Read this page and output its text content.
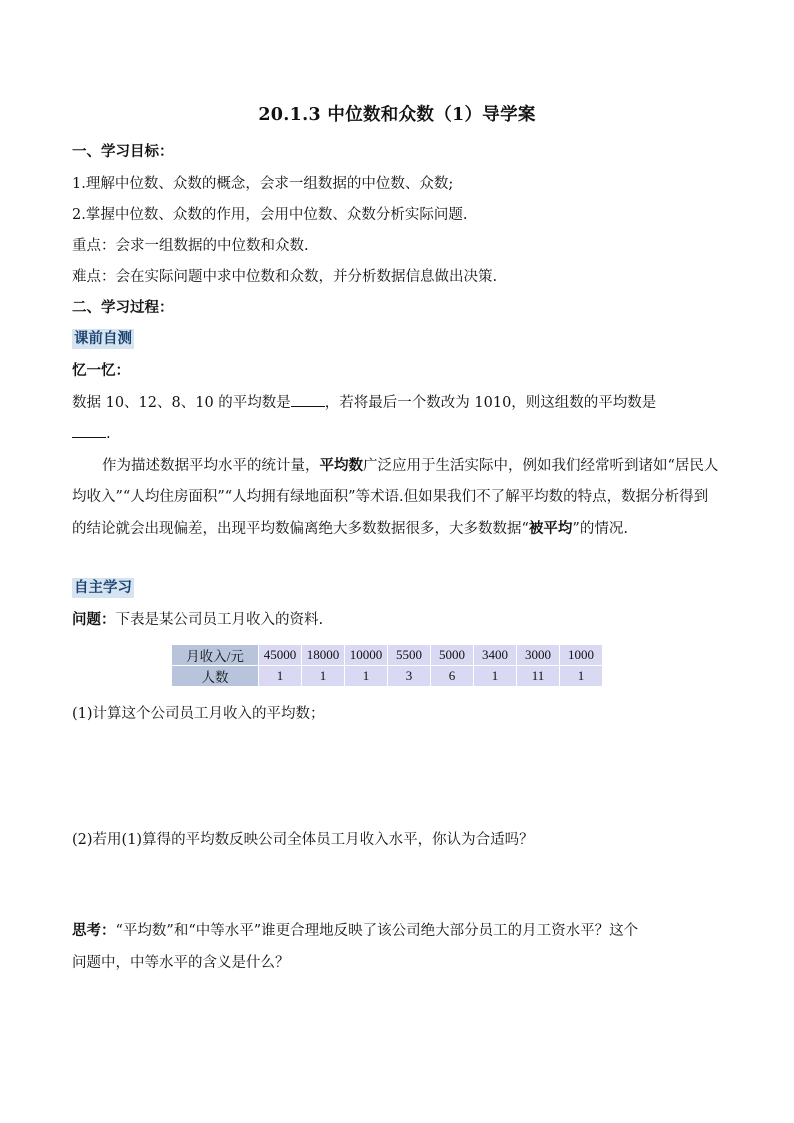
20.1.3 中位数和众数（1）导学案
一、学习目标：
1.理解中位数、众数的概念，会求一组数据的中位数、众数;
2.掌握中位数、众数的作用，会用中位数、众数分析实际问题.
重点：会求一组数据的中位数和众数.
难点：会在实际问题中求中位数和众数，并分析数据信息做出决策.
二、学习过程：
课前自测
忆一忆：
数据 10、12、8、10 的平均数是 ，若将最后一个数改为 1010，则这组数的平均数是
.
作为描述数据平均水平的统计量，平均数广泛应用于生活实际中，例如我们经常听到诸如“居民人均收入”“人均住房面积”“人均拥有绿地面积”等术语.但如果我们不了解平均数的特点，数据分析得到的结论就会出现偏差，出现平均数偏离绝大多数数据很多，大多数数据“被平均”的情况.
自主学习
问题：下表是某公司员工月收入的资料.
月收入/元	45000	18000	10000	5500	5000	3400	3000	1000
人数	1	1	1	3	6	1	11	1
(1)计算这个公司员工月收入的平均数；
(2)若用(1)算得的平均数反映公司全体员工月收入水平，你认为合适吗？
思考：“平均数”和“中等水平”谁更合理地反映了该公司绝大部分员工的月工资水平？这个
问题中，中等水平的含义是什么？
